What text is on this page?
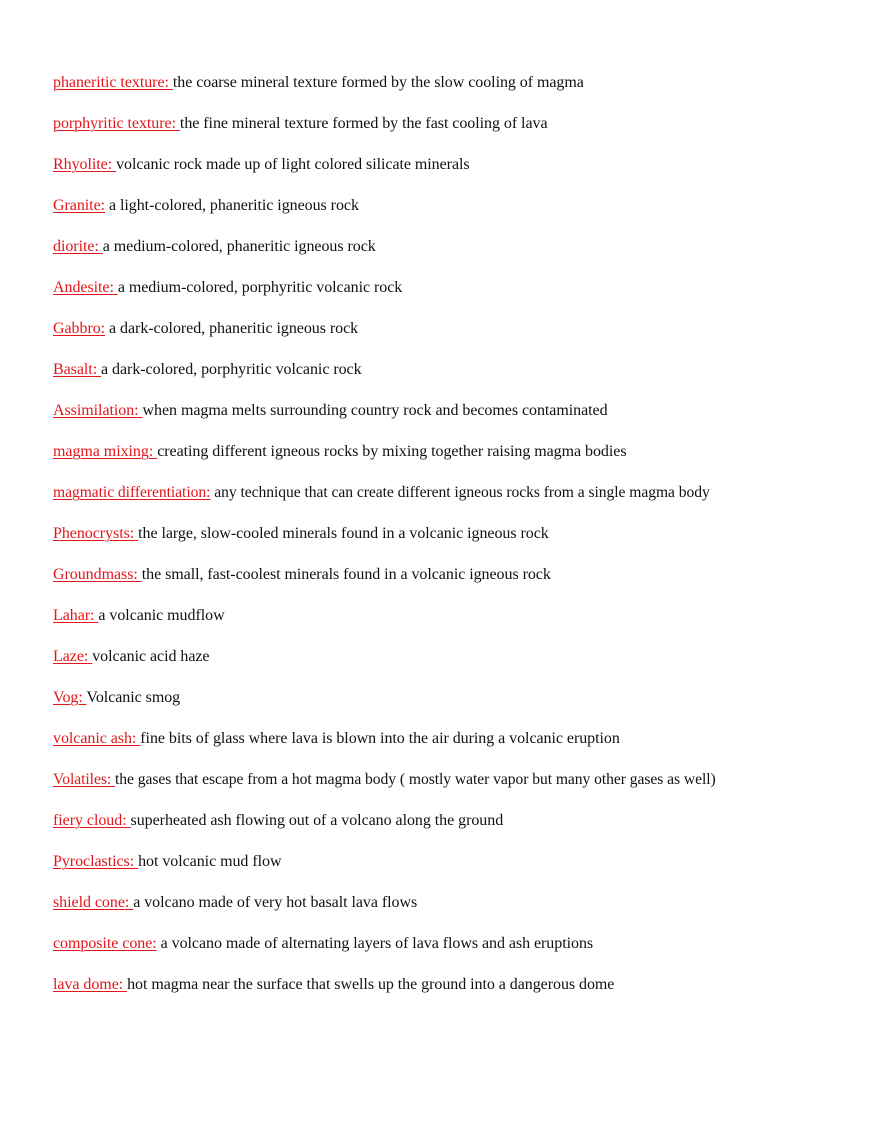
phaneritic texture: the coarse mineral texture formed by the slow cooling of magma
porphyritic texture: the fine mineral texture formed by the fast cooling of lava
Rhyolite: volcanic rock made up of light colored silicate minerals
Granite: a light-colored, phaneritic igneous rock
diorite: a medium-colored, phaneritic igneous rock
Andesite: a medium-colored, porphyritic volcanic rock
Gabbro: a dark-colored, phaneritic igneous rock
Basalt: a dark-colored, porphyritic volcanic rock
Assimilation: when magma melts surrounding country rock and becomes contaminated
magma mixing: creating different igneous rocks by mixing together raising magma bodies
magmatic differentiation: any technique that can create different igneous rocks from a single magma body
Phenocrysts: the large, slow-cooled minerals found in a volcanic igneous rock
Groundmass: the small, fast-coolest minerals found in a volcanic igneous rock
Lahar: a volcanic mudflow
Laze: volcanic acid haze
Vog: Volcanic smog
volcanic ash: fine bits of glass where lava is blown into the air during a volcanic eruption
Volatiles: the gases that escape from a hot magma body ( mostly water vapor but many other gases as well)
fiery cloud: superheated ash flowing out of a volcano along the ground
Pyroclastics: hot volcanic mud flow
shield cone: a volcano made of very hot basalt lava flows
composite cone: a volcano made of alternating layers of lava flows and ash eruptions
lava dome: hot magma near the surface that swells up the ground into a dangerous dome
